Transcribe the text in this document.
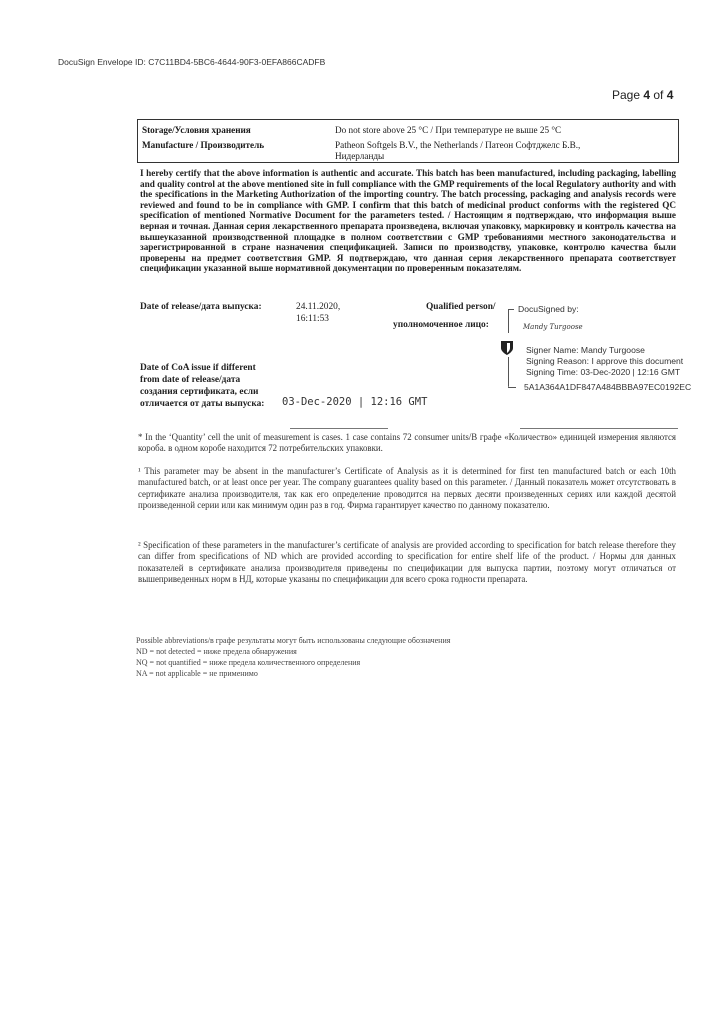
DocuSign Envelope ID: C7C11BD4-5BC6-4644-90F3-0EFA866CADFB
Page 4 of 4
Storage/Условия хранения	Do not store above 25 °C / При температуре не выше 25 °C
Manufacture / Производитель	Patheon Softgels B.V., the Netherlands / Патеон Софтджелс Б.В.,
Нидерланды
I hereby certify that the above information is authentic and accurate. This batch has been manufactured, including packaging, labelling and quality control at the above mentioned site in full compliance with the GMP requirements of the local Regulatory authority and with the specifications in the Marketing Authorization of the importing country. The batch processing, packaging and analysis records were reviewed and found to be in compliance with GMP. I confirm that this batch of medicinal product conforms with the registered QC specification of mentioned Normative Document for the parameters tested. / Настоящим я подтверждаю, что информация выше верная и точная. Данная серия лекарственного препарата произведена, включая упаковку, маркировку и контроль качества на вышеуказанной производственной площадке в полном соответствии с GMP требованиями местного законодательства и зарегистрированной в стране назначения спецификацией. Записи по производству, упаковке, контролю качества были проверены на предмет соответствия GMP. Я подтверждаю, что данная серия лекарственного препарата соответствует спецификации указанной выше нормативной документации по проверенным показателям.
Date of release/дата выпуска:	24.11.2020,
16:11:53
Qualified person/
уполномоченное лицо:
DocuSigned by:
Mandy Turgoose
Signer Name: Mandy Turgoose
Signing Reason: I approve this document
Signing Time: 03-Dec-2020 | 12:16 GMT
5A1A364A1DF847A484BBBA97EC0192EC
Date of CoA issue if different
from date of release/дата
создания сертификата, если
отличается от даты выпуска: 03-Dec-2020 | 12:16 GMT
* In the ‘Quantity’ cell the unit of measurement is cases. 1 case contains 72 consumer units/В графе «Количество» единицей измерения являются короба. в одном коробе находится 72 потребительских упаковки.
¹ This parameter may be absent in the manufacturer’s Certificate of Analysis as it is determined for first ten manufactured batch or each 10th manufactured batch, or at least once per year. The company guarantees quality based on this parameter. / Данный показатель может отсутствовать в сертификате анализа производителя, так как его определение проводится на первых десяти произведенных сериях или каждой десятой произведенной серии или как минимум один раз в год. Фирма гарантирует качество по данному показателю.
² Specification of these parameters in the manufacturer’s certificate of analysis are provided according to specification for batch release therefore they can differ from specifications of ND which are provided according to specification for entire shelf life of the product. / Нормы для данных показателей в сертификате анализа производителя приведены по спецификации для выпуска партии, поэтому могут отличаться от вышеприведенных норм в НД, которые указаны по спецификации для всего срока годности препарата.
Possible abbreviations/в графе результаты могут быть использованы следующие обозначения
ND = not detected = ниже предела обнаружения
NQ = not quantified = ниже предела количественного определения
NA = not applicable = не применимо
